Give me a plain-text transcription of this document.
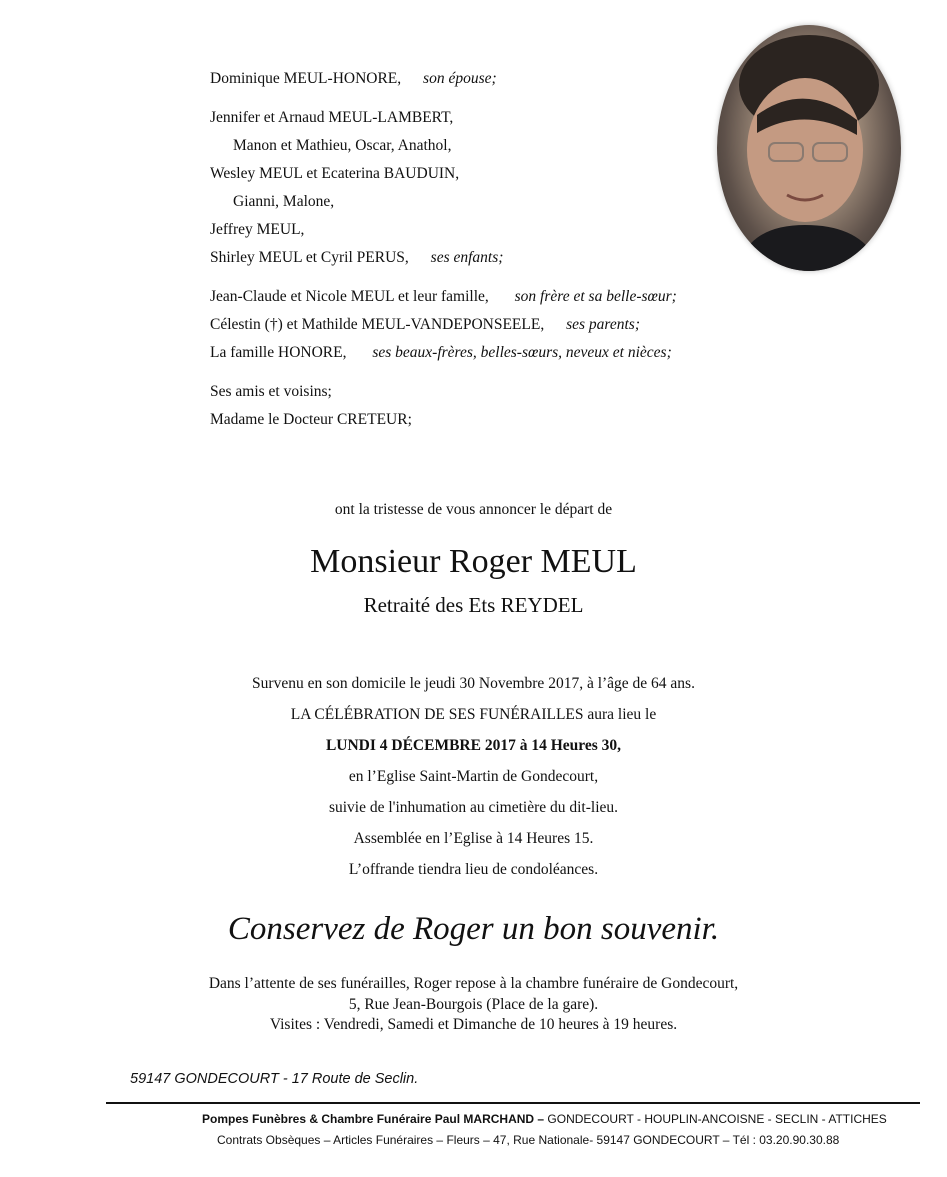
Dominique MEUL-HONORE, son épouse;
Jennifer et Arnaud MEUL-LAMBERT,
Manon et Mathieu, Oscar, Anathol,
Wesley MEUL et Ecaterina BAUDUIN,
Gianni, Malone,
Jeffrey MEUL,
Shirley MEUL et Cyril PERUS, ses enfants;
Jean-Claude et Nicole MEUL et leur famille, son frère et sa belle-sœur;
Célestin (†) et Mathilde MEUL-VANDEPONSEELE, ses parents;
La famille HONORE, ses beaux-frères, belles-sœurs, neveux et nièces;
Ses amis et voisins;
Madame le Docteur CRETEUR;
ont la tristesse de vous annoncer le départ de
Monsieur Roger MEUL
Retraité des Ets REYDEL
Survenu en son domicile le jeudi 30 Novembre 2017, à l’âge de 64 ans.
LA CÉLÉBRATION DE SES FUNÉRAILLES aura lieu le
LUNDI 4 DÉCEMBRE 2017 à 14 Heures 30,
en l’Eglise Saint-Martin de Gondecourt,
suivie de l'inhumation au cimetière du dit-lieu.
Assemblée en l’Eglise à 14 Heures 15.
L’offrande tiendra lieu de condoléances.
Conservez de Roger un bon souvenir.
Dans l’attente de ses funérailles, Roger repose à la chambre funéraire de Gondecourt,
5, Rue Jean-Bourgois (Place de la gare).
Visites : Vendredi, Samedi et Dimanche de 10 heures à 19 heures.
59147 GONDECOURT - 17 Route de Seclin.
Pompes Funèbres & Chambre Funéraire Paul MARCHAND – GONDECOURT - HOUPLIN-ANCOISNE - SECLIN - ATTICHES
Contrats Obsèques – Articles Funéraires – Fleurs – 47, Rue Nationale- 59147 GONDECOURT – Tél : 03.20.90.30.88
